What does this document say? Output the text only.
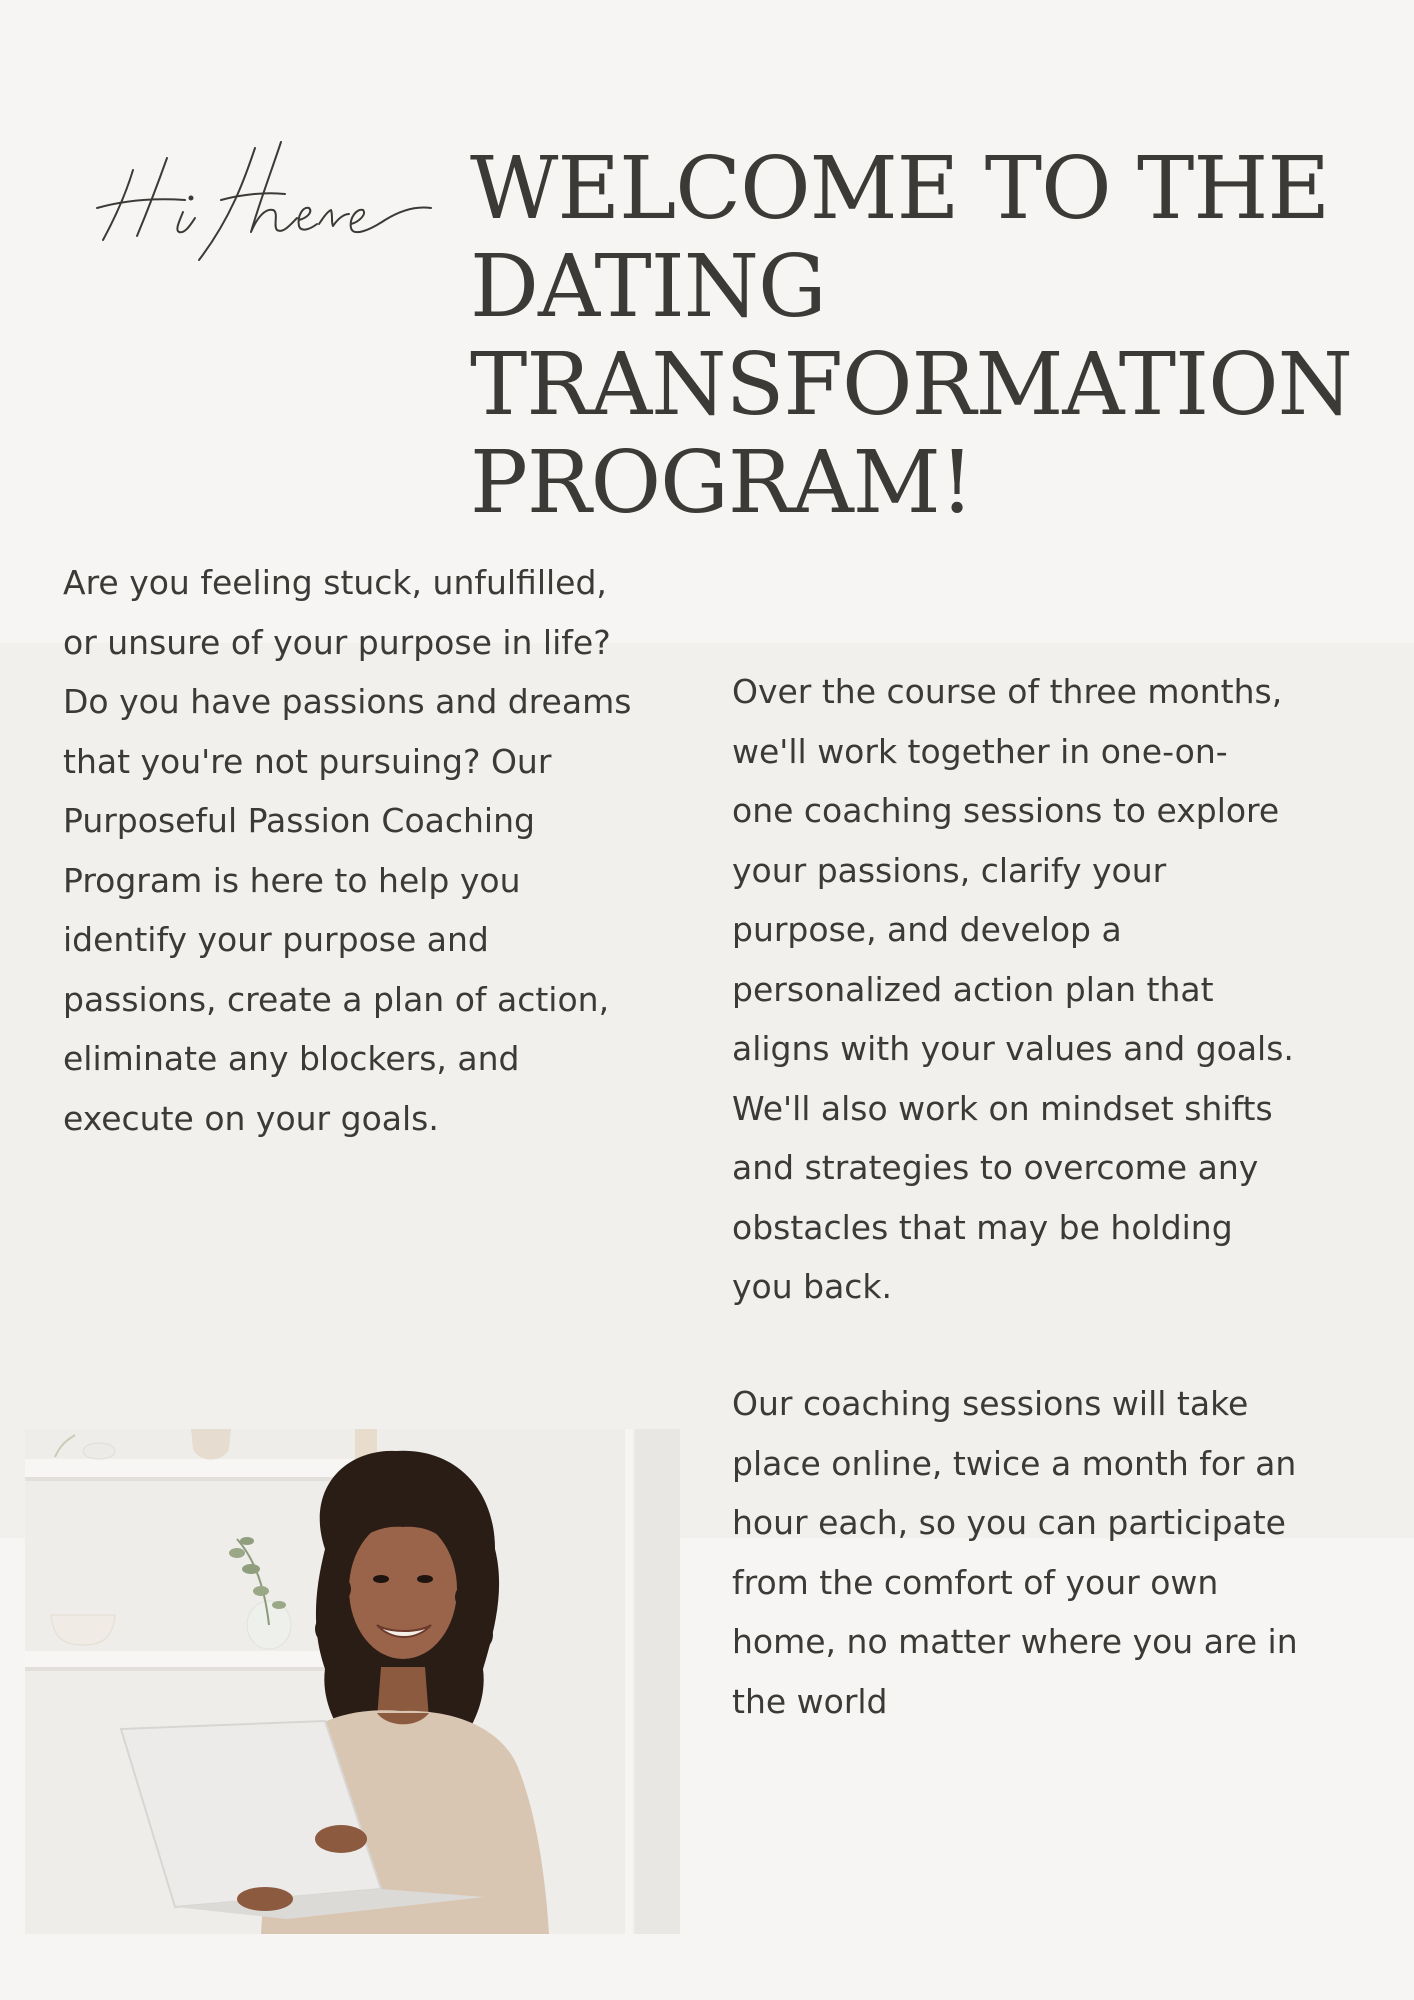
WELCOME TO THE
DATING
TRANSFORMATION
PROGRAM!
Are you feeling stuck, unfulfilled,
or unsure of your purpose in life?
Do you have passions and dreams
that you're not pursuing? Our
Purposeful Passion Coaching
Program is here to help you
identify your purpose and
passions, create a plan of action,
eliminate any blockers, and
execute on your goals.
Over the course of three months,
we'll work together in one-on-
one coaching sessions to explore
your passions, clarify your
purpose, and develop a
personalized action plan that
aligns with your values and goals.
We'll also work on mindset shifts
and strategies to overcome any
obstacles that may be holding
you back.
Our coaching sessions will take
place online, twice a month for an
hour each, so you can participate
from the comfort of your own
home, no matter where you are in
the world
